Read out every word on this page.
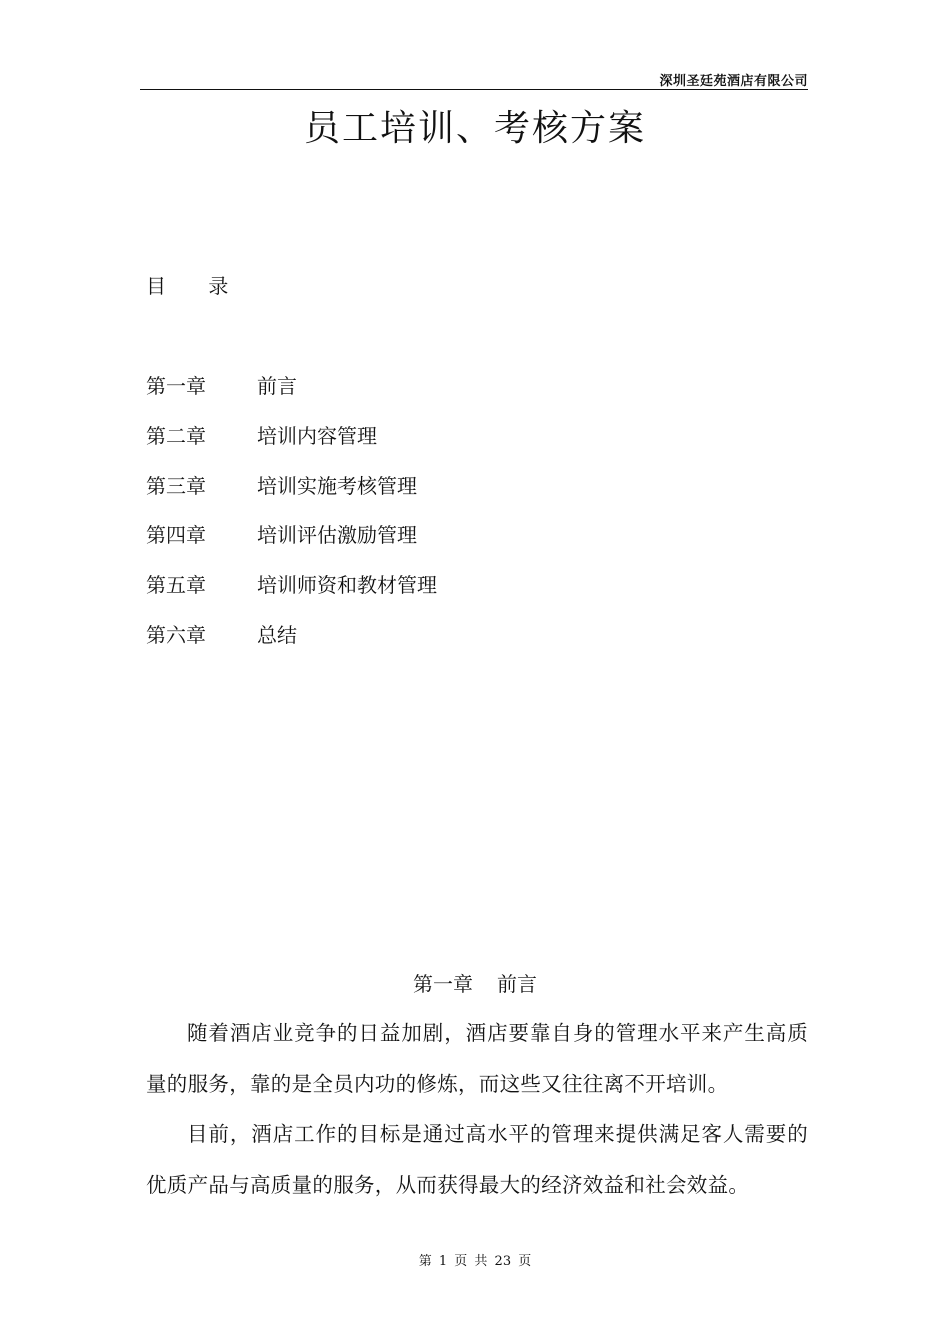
深圳圣廷苑酒店有限公司
员工培训、考核方案
目 录
第一章	前言
第二章	培训内容管理
第三章	培训实施考核管理
第四章	培训评估激励管理
第五章	培训师资和教材管理
第六章	总结
第一章 前言

随着酒店业竞争的日益加剧，酒店要靠自身的管理水平来产生高质量的服务，靠的是全员内功的修炼，而这些又往往离不开培训。

目前，酒店工作的目标是通过高水平的管理来提供满足客人需要的优质产品与高质量的服务，从而获得最大的经济效益和社会效益。

第 1 页 共 23 页
